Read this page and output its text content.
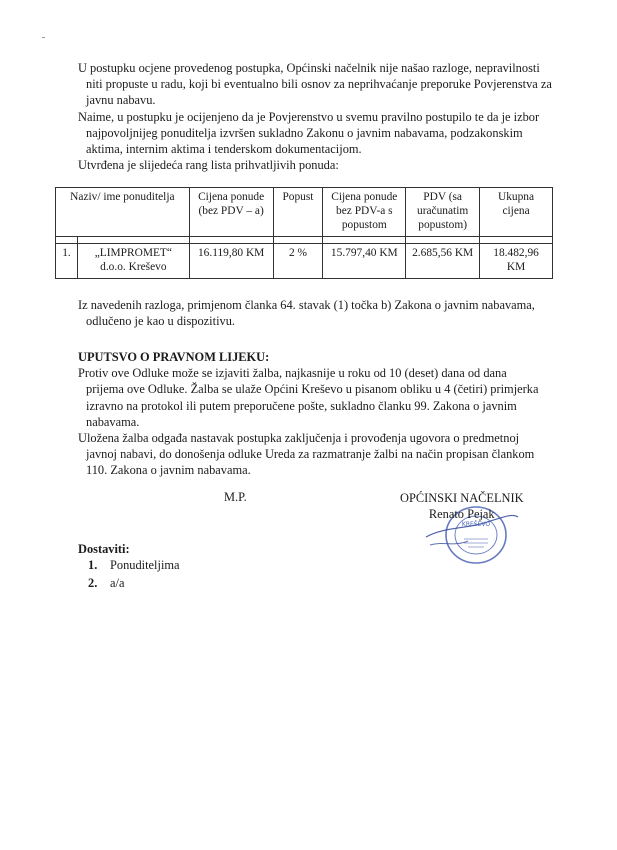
U postupku ocjene provedenog postupka, Općinski načelnik nije našao razloge, nepravilnosti
niti propuste u radu, koji bi eventualno bili osnov za neprihvaćanje preporuke Povjerenstva za
javnu nabavu.
Naime, u postupku je ocijenjeno da je Povjerenstvo u svemu pravilno postupilo te da je izbor
najpovoljnijeg ponuditelja izvršen sukladno Zakonu o javnim nabavama, podzakonskim
aktima, internim aktima i tenderskom dokumentacijom.
Utvrđena je slijedeća rang lista prihvatljivih ponuda:
Naziv/ ime ponuditelja		Cijena ponude (bez PDV – a)	Popust	Cijena ponude bez PDV-a s popustom	PDV (sa uračunatim popustom)	Ukupna cijena

1.	„LIMPROMET“ d.o.o. Kreševo	16.119,80 KM	2 %	15.797,40 KM	2.685,56 KM	18.482,96 KM
Iz navedenih razloga, primjenom članka 64. stavak (1) točka b) Zakona o javnim nabavama,
odlučeno je kao u dispozitivu.
UPUTSVO O PRAVNOM LIJEKU:
Protiv ove Odluke može se izjaviti žalba, najkasnije u roku od 10 (deset) dana od dana
prijema ove Odluke. Žalba se ulaže Općini Kreševo u pisanom obliku u 4 (četiri) primjerka
izravno na protokol ili putem preporučene pošte, sukladno članku 99. Zakona o javnim
nabavama.
Uložena žalba odgađa nastavak postupka zaključenja i provođenja ugovora o predmetnoj
javnoj nabavi, do donošenja odluke Ureda za razmatranje žalbi na način propisan člankom
110. Zakona o javnim nabavama.
M.P.
KREŠEVO
OPĆINSKI NAČELNIK
Renato Pejak
Dostaviti:
1. Ponuditeljima
2. a/a
